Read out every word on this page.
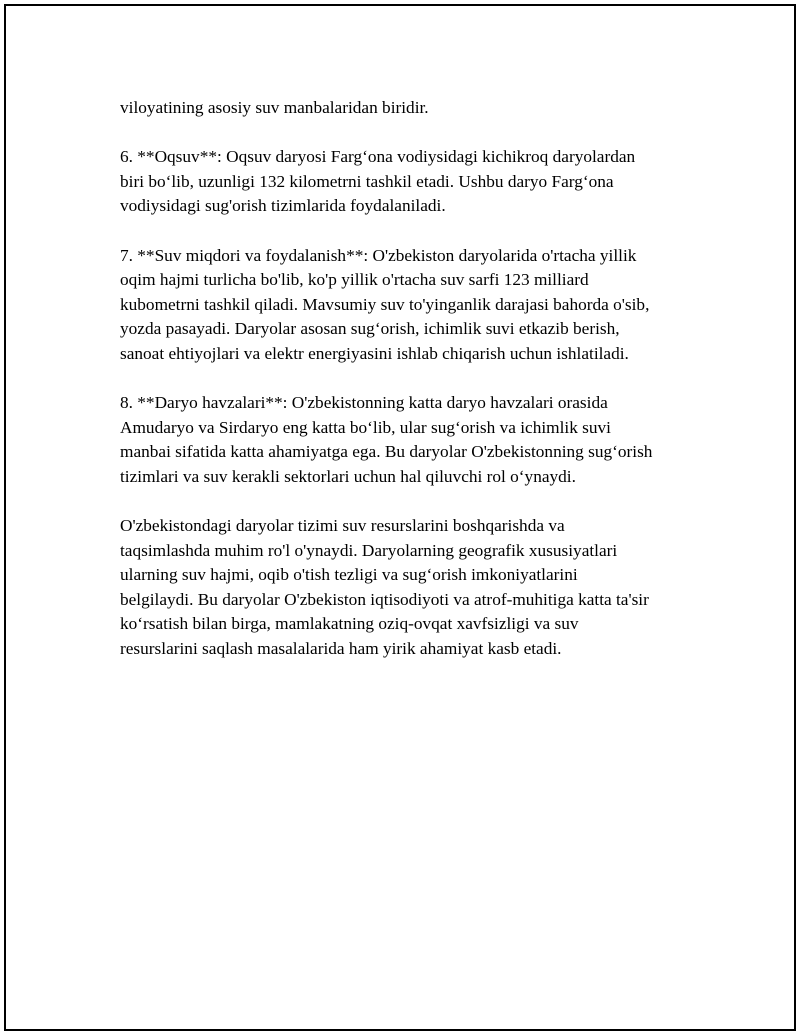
viloyatining asosiy suv manbalaridan biridir.

6. **Oqsuv**: Oqsuv daryosi Farg‘ona vodiysidagi kichikroq daryolardan
biri bo‘lib, uzunligi 132 kilometrni tashkil etadi. Ushbu daryo Farg‘ona
vodiysidagi sug'orish tizimlarida foydalaniladi.

7. **Suv miqdori va foydalanish**: O'zbekiston daryolarida o'rtacha yillik
oqim hajmi turlicha bo'lib, ko'p yillik o'rtacha suv sarfi 123 milliard
kubometrni tashkil qiladi. Mavsumiy suv to'yinganlik darajasi bahorda o'sib,
yozda pasayadi. Daryolar asosan sug‘orish, ichimlik suvi etkazib berish,
sanoat ehtiyojlari va elektr energiyasini ishlab chiqarish uchun ishlatiladi.

8. **Daryo havzalari**: O'zbekistonning katta daryo havzalari orasida
Amudaryo va Sirdaryo eng katta bo‘lib, ular sug‘orish va ichimlik suvi
manbai sifatida katta ahamiyatga ega. Bu daryolar O'zbekistonning sug‘orish
tizimlari va suv kerakli sektorlari uchun hal qiluvchi rol o‘ynaydi.

O'zbekistondagi daryolar tizimi suv resurslarini boshqarishda va
taqsimlashda muhim ro'l o'ynaydi. Daryolarning geografik xususiyatlari
ularning suv hajmi, oqib o'tish tezligi va sug‘orish imkoniyatlarini
belgilaydi. Bu daryolar O'zbekiston iqtisodiyoti va atrof-muhitiga katta ta'sir
ko‘rsatish bilan birga, mamlakatning oziq-ovqat xavfsizligi va suv
resurslarini saqlash masalalarida ham yirik ahamiyat kasb etadi.
